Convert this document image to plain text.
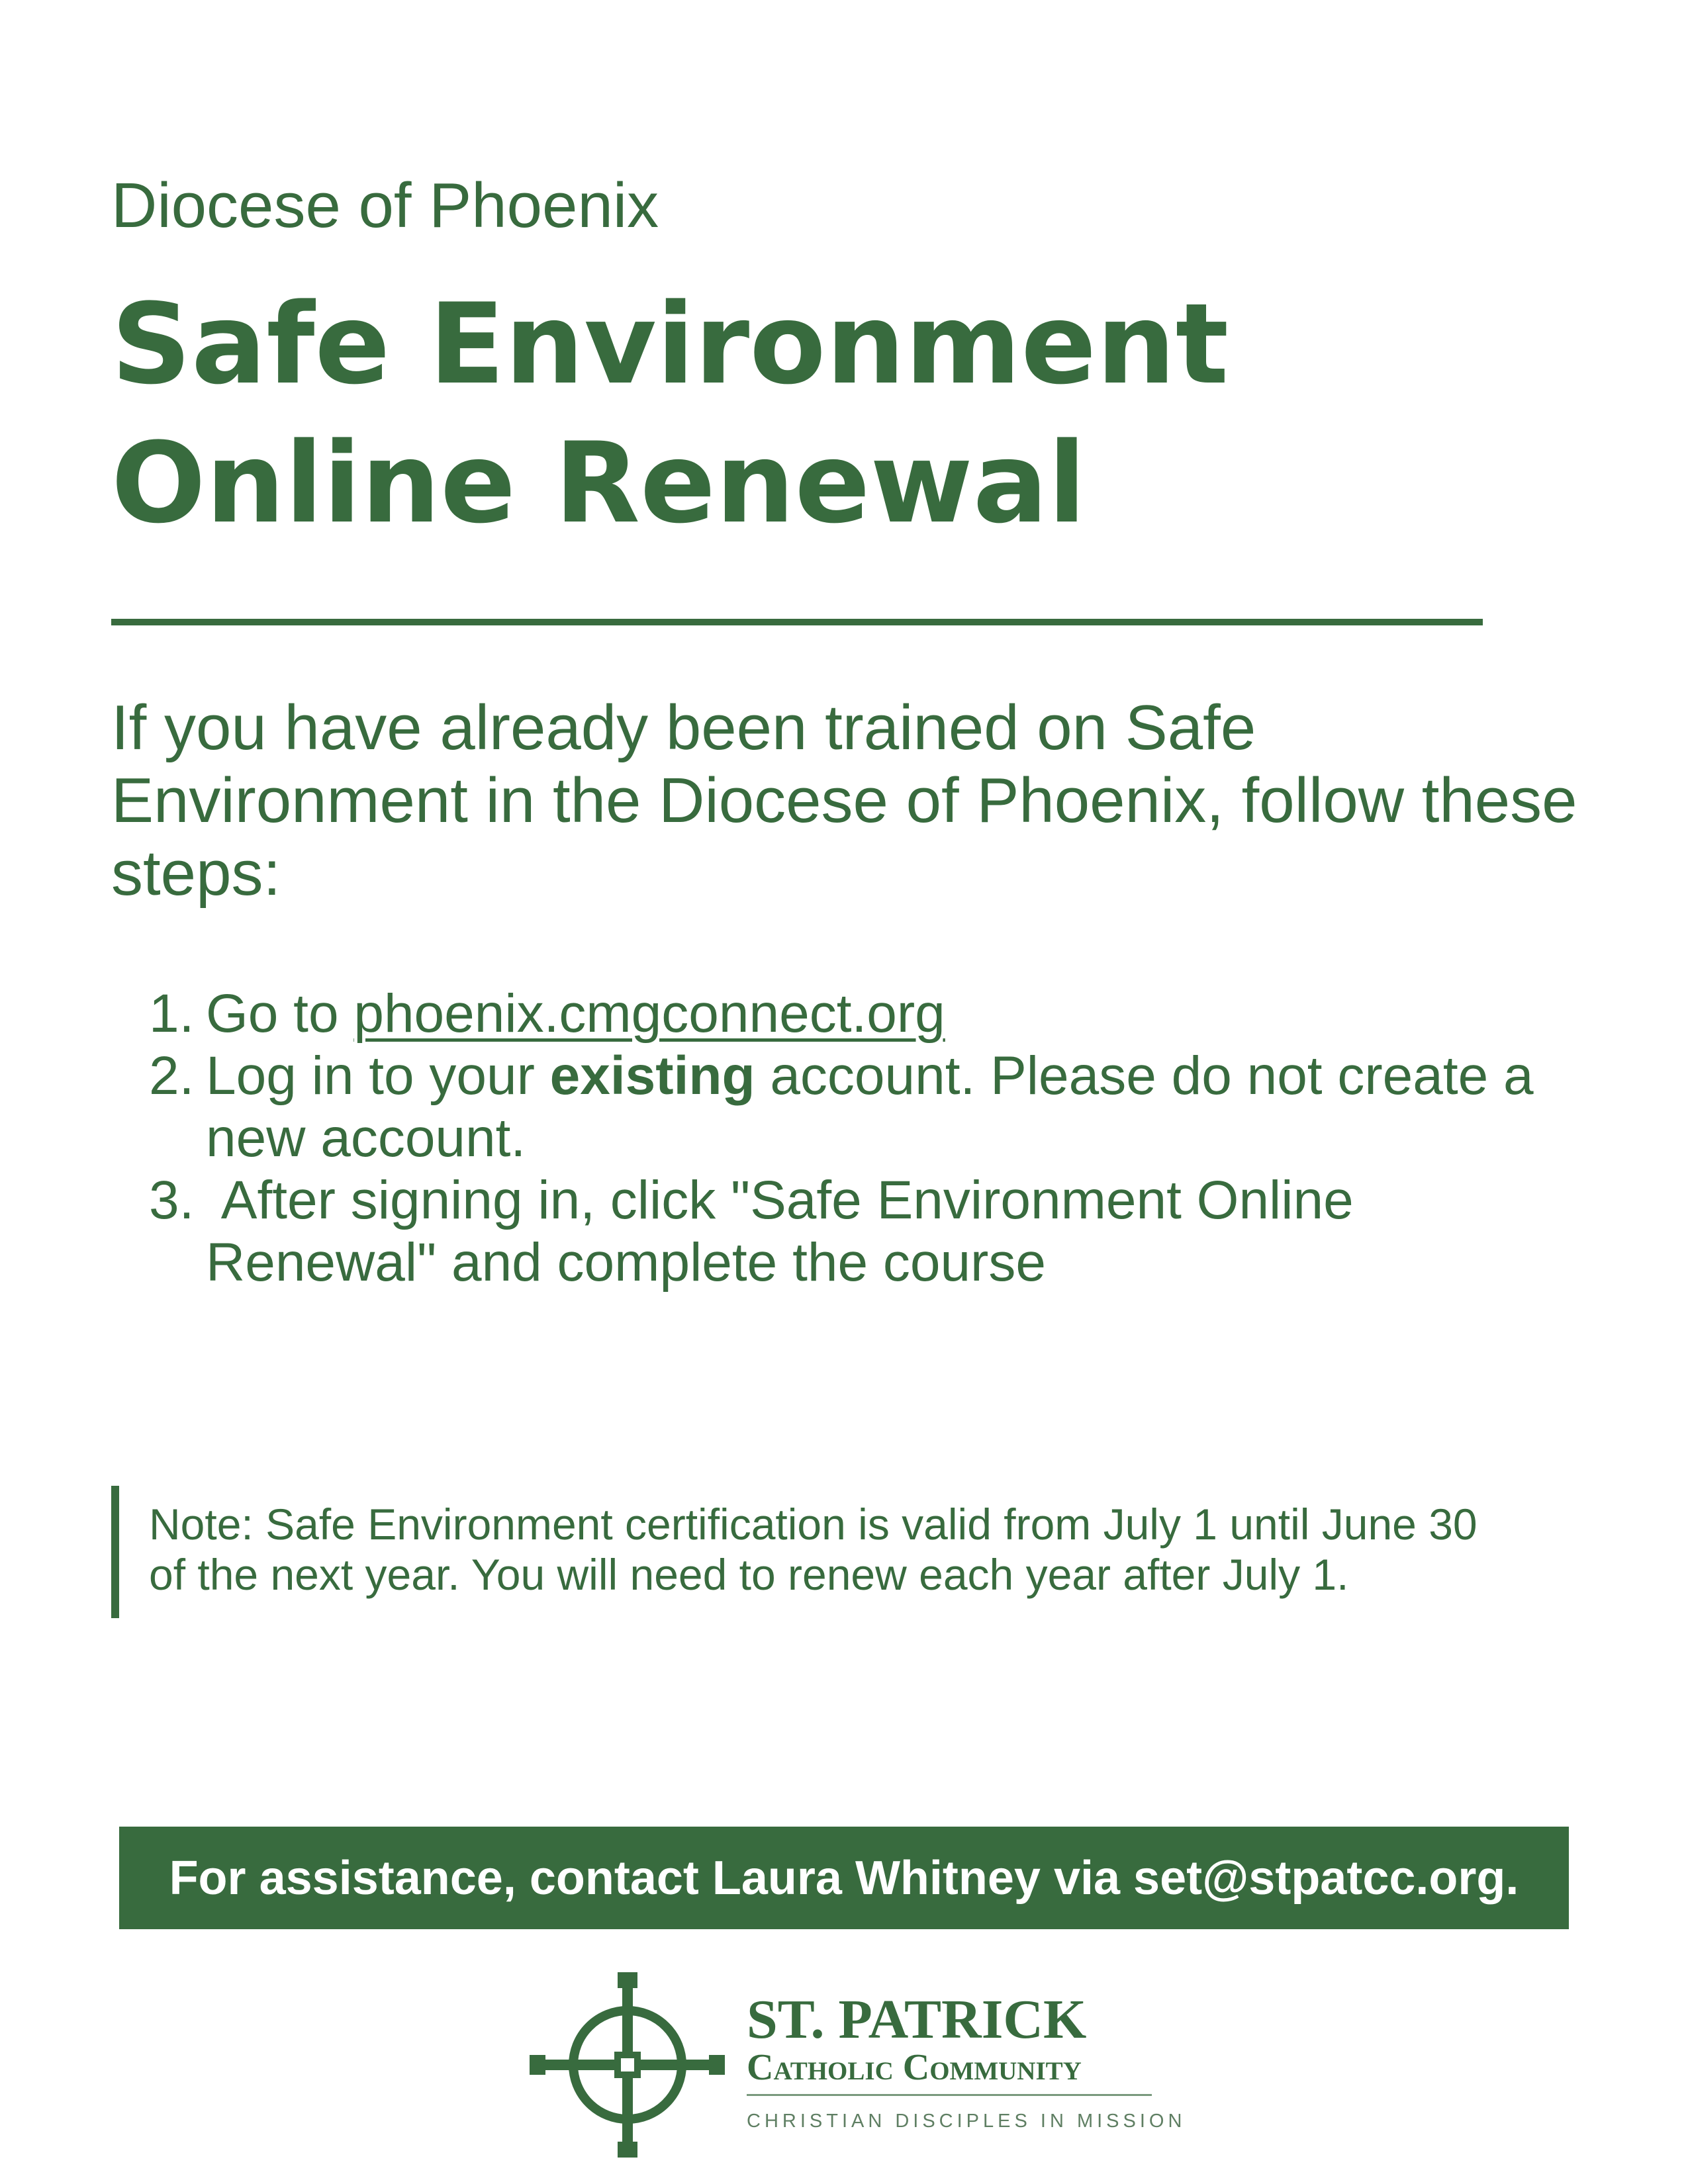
Diocese of Phoenix
Safe Environment
Online Renewal

If you have already been trained on Safe Environment in the Diocese of Phoenix, follow these steps:

1. Go to phoenix.cmgconnect.org
2. Log in to your existing account. Please do not create a new account.
3. After signing in, click "Safe Environment Online Renewal" and complete the course

Note: Safe Environment certification is valid from July 1 until June 30 of the next year. You will need to renew each year after July 1.

For assistance, contact Laura Whitney via set@stpatcc.org.
ST. PATRICK
Catholic Community
CHRISTIAN DISCIPLES IN MISSION
